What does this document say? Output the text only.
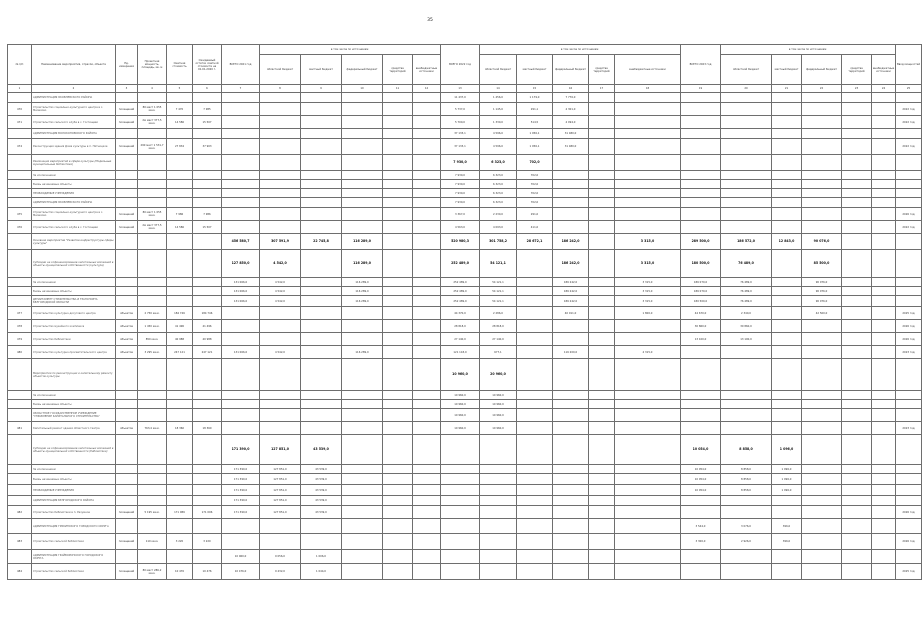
35
№ п/п	Наименование мероприятия, отрасли, объекта	Ед. измерения	Проектная мощность, площадь, кв. м	Сметная стоимость	Ожидаемый остаток сметной стоимости на 01.01.2020 г.	ВСЕГО 2021 год	в том числе по источникам:					ВСЕГО 2022 год	в том числе по источникам:					ВСЕГО 2023 год	в том числе по источникам:					Ввод мощностей
							областной бюджет	местный бюджет	федеральный бюджет	средства территорий	внебюджетные источники		областной бюджет	местный бюджет	федеральный бюджет	средства территорий	внебюджетные источники		областной бюджет	местный бюджет	федеральный бюджет	средства территорий	внебюджетные источники	
1	2	3	4	5	6	7	8	9	10	11	12	13	14	15	16	17	18	19	20	21	22	23	24	25
	АДМИНИСТРАЦИЯ ЯКОВЛЕВСКОГО РАЙОНА											11 437,0	1 456,0	1 179,0	7 776,0									
470	Строительство социально-культурного центра в с. Мелехово	посещений	80 мест 1 055 кв.м.	7 470	7 985							5 737,0	1 145,0	291,1	4 301,0									2022 год
471	Строительство сельского клуба в с. Гостищево	посещений	2м мест 377,5 кв.м.	14 586	15 507							5 700,0	1 330,0	514,5	4 094,0									2022 год
	АДМИНИСТРАЦИЯ ВОЛОКОНОВСКОГО РАЙОНА											37 133,1	4 596,0	1 056,1	31 480,0									
474	Реконструкция здания Дома культуры в п. Пятницкое	посещений	290 мест 1 531,7 кв.м.	27 834	37 903							37 133,1	4 596,0	1 056,1	31 480,0									2022 год
	Реализация мероприятий в сфере культуры (Модельные муниципальные библиотеки)											7 930,0	6 323,0	702,0										
	За исключением											7 930,0	6 323,0	702,0										
	Вновь начинаемые объекты											7 930,0	6 323,0	702,0										
	НЕОБХОДИМЫЕ УЧРЕЖДЕНИЯ											7 930,0	6 323,0	702,0										
	АДМИНИСТРАЦИЯ ЯКОВЛЕВСКОГО РАЙОНА											7 930,0	6 323,0	702,0										
475	Строительство социально-культурного центра в с. Мелехово	посещений	80 мест 1 055 кв.м.	7 986	7 986							3 367,0	2 230,0	291,0										2026 год
476	Строительство сельского клуба в с. Гостищево	посещений	2м мест 377,5 кв.м.	14 586	15 507							4 563,0	4 093,0	411,0										2022 год
	Основное мероприятие "Развитие инфраструктуры сферы культуры"					456 580,7	307 591,9	22 745,8	116 289,0			520 980,3	301 758,2	28 672,1	186 242,0		3 315,0	289 500,0	186 572,0	12 843,0	90 076,0			
	Субсидии на софинансирование капитальных вложений в объекты муниципальной собственности (культура)					127 850,0	4 542,0		116 289,0			252 489,0	54 121,1		186 242,0		3 315,0	180 500,0	76 489,0		85 500,0			
	За исключением					131 066,0	4 542,0		116 289,0			252 489,0	54 121,1		186 242,0		3 315,0	186 070,0	76 489,0		90 076,0			
	Вновь начинаемые объекты					131 066,0	4 542,0		116 289,0			252 489,0	54 121,1		186 242,0		3 315,0	186 070,0	76 489,0		90 076,0			
	ДЕПАРТАМЕНТ СТРОИТЕЛЬСТВА И ТРАНСПОРТА БЕЛГОРОДСКОЙ ОБЛАСТИ					131 066,0	4 542,0		116 289,0			252 489,0	54 121,1		186 242,0		3 315,0	180 500,0	76 489,0		90 076,0			
477	Строительство культурно-досугового центра	объектов	2 750 кв.м.	184 746	184 746							44 370,0	2 286,0		40 011,0		1 800,0	44 670,0	2 340,0		42 500,0			2025 год
478	Строительство музейного комплекса	объектов	1 450 кв.м.	41 496	41 496							28 818,0	28 818,0					30 860,0	30 860,0					2026 год
479	Строительство библиотеки	объектов	850 кв.м.	40 988	40 988							27 140,0	27 140,0					13 100,0	13 100,0					2026 год
480	Строительство культурно-просветительского центра	объектов	3 295 кв.м.	247 121	247 121	131 066,0	4 542,0		116 289,0			121 118,0	677,1		116 200,0		4 315,0							2023 год
	Мероприятия по реконструкции и капитальному ремонту объектов культуры											10 960,0	20 960,0											
	За исключением											10 960,0	10 960,0											
	Вновь начинаемые объекты											10 960,0	10 960,0											
	ОБЛАСТНОЕ ГОСУДАРСТВЕННОЕ УЧРЕЖДЕНИЕ "УПРАВЛЕНИЕ КАПИТАЛЬНОГО СТРОИТЕЛЬСТВА"											10 960,0	10 960,0											
481	Капитальный ремонт здания областного театра	объектов	763,4 кв.м.	18 360	18 360							10 960,0	10 960,0											2023 год
	Субсидии на софинансирование капитальных вложений в объекты муниципальной собственности (библиотеки)					171 390,0	127 851,0	43 539,0										10 054,0	8 858,0	1 096,0				
	За исключением					171 390,0	127 851,0	43 539,0										10 054,0	8 858,0	1 096,0				
	Вновь начинаемые объекты					171 390,0	127 851,0	43 539,0										10 054,0	8 858,0	1 096,0				
	НЕОБХОДИМЫЕ УЧРЕЖДЕНИЯ					171 390,0	127 851,0	43 539,0										10 054,0	8 858,0	1 096,0				
	АДМИНИСТРАЦИЯ БЕЛГОРОДСКОГО РАЙОНА					171 390,0	127 851,0	43 539,0																
482	Строительство библиотеки в п. Разумное	посещений	5 195 кв.м.	171 086	171 096	171 390,0	127 851,0	43 539,0																2026 год
	АДМИНИСТРАЦИЯ ГУБКИНСКОГО ГОРОДСКОГО ОКРУГА																	3 544,0	3 076,0	396,0				
483	Строительство сельской библиотеки	посещений	110 кв.м.	3 220	3 220													3 300,0	2 926,0	396,0				2026 год
	АДМИНИСТРАЦИЯ ГРАЙВОРОНСКОГО ГОРОДСКОГО ОКРУГА					10 060,0	9 056,0	1 006,0																
484	Строительство сельской библиотеки	посещений	80 мест 286,2 кв.м.	10 476	10 476	10 476,0	9 432,0	1 044,0																2025 год
